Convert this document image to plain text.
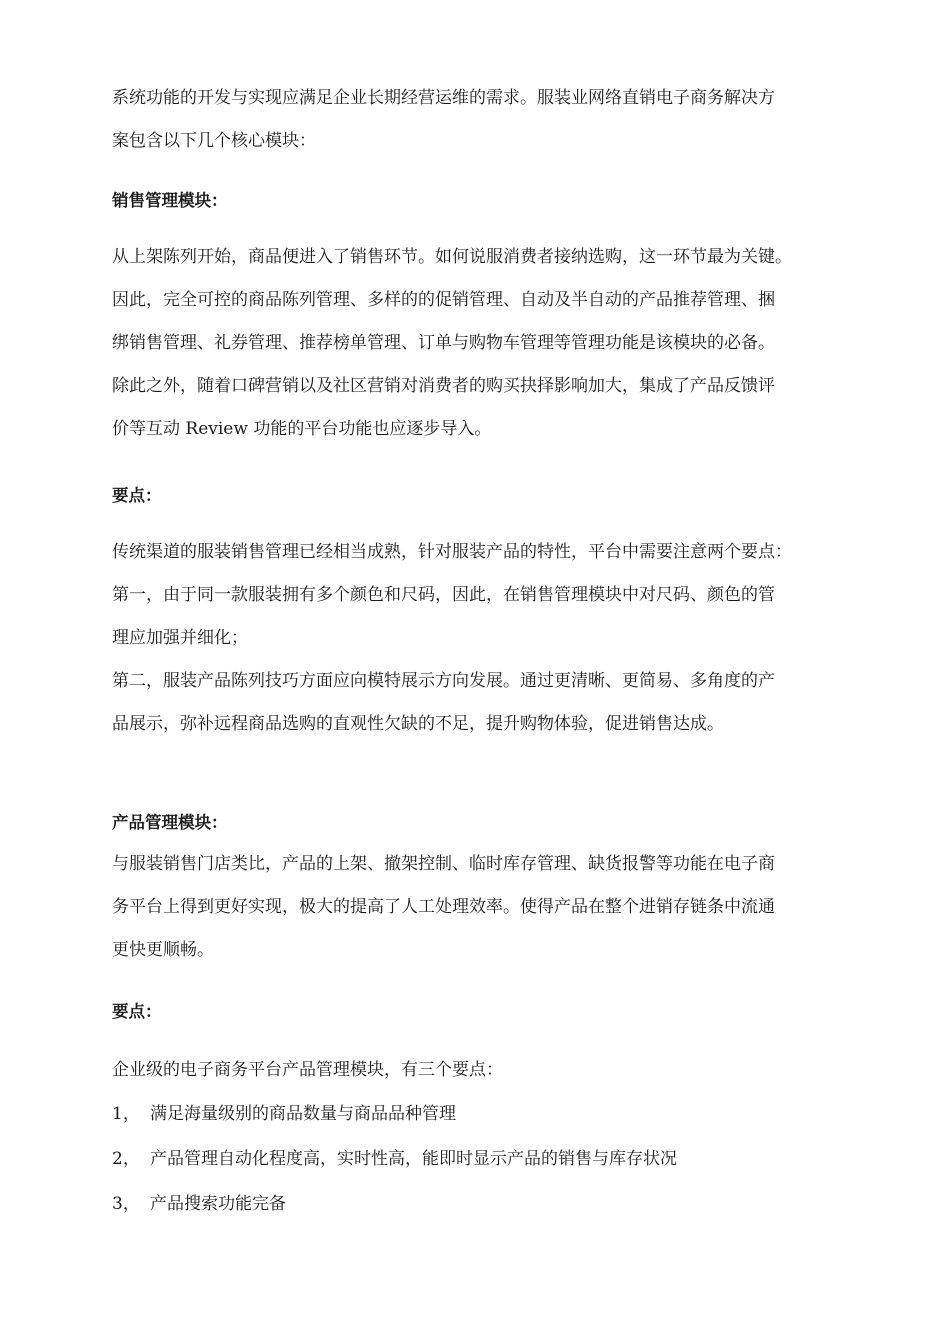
系统功能的开发与实现应满足企业长期经营运维的需求。服装业网络直销电子商务解决方
案包含以下几个核心模块：
销售管理模块：
从上架陈列开始，商品便进入了销售环节。如何说服消费者接纳选购，这一环节最为关键。
因此，完全可控的商品陈列管理、多样的的促销管理、自动及半自动的产品推荐管理、捆
绑销售管理、礼券管理、推荐榜单管理、订单与购物车管理等管理功能是该模块的必备。
除此之外，随着口碑营销以及社区营销对消费者的购买抉择影响加大，集成了产品反馈评
价等互动 Review 功能的平台功能也应逐步导入。
要点：
传统渠道的服装销售管理已经相当成熟，针对服装产品的特性，平台中需要注意两个要点：
第一，由于同一款服装拥有多个颜色和尺码，因此，在销售管理模块中对尺码、颜色的管
理应加强并细化；
第二，服装产品陈列技巧方面应向模特展示方向发展。通过更清晰、更简易、多角度的产
品展示，弥补远程商品选购的直观性欠缺的不足，提升购物体验，促进销售达成。
产品管理模块：
与服装销售门店类比，产品的上架、撤架控制、临时库存管理、缺货报警等功能在电子商
务平台上得到更好实现，极大的提高了人工处理效率。使得产品在整个进销存链条中流通
更快更顺畅。
要点：
企业级的电子商务平台产品管理模块，有三个要点：
1， 满足海量级别的商品数量与商品品种管理
2， 产品管理自动化程度高，实时性高，能即时显示产品的销售与库存状况
3， 产品搜索功能完备
